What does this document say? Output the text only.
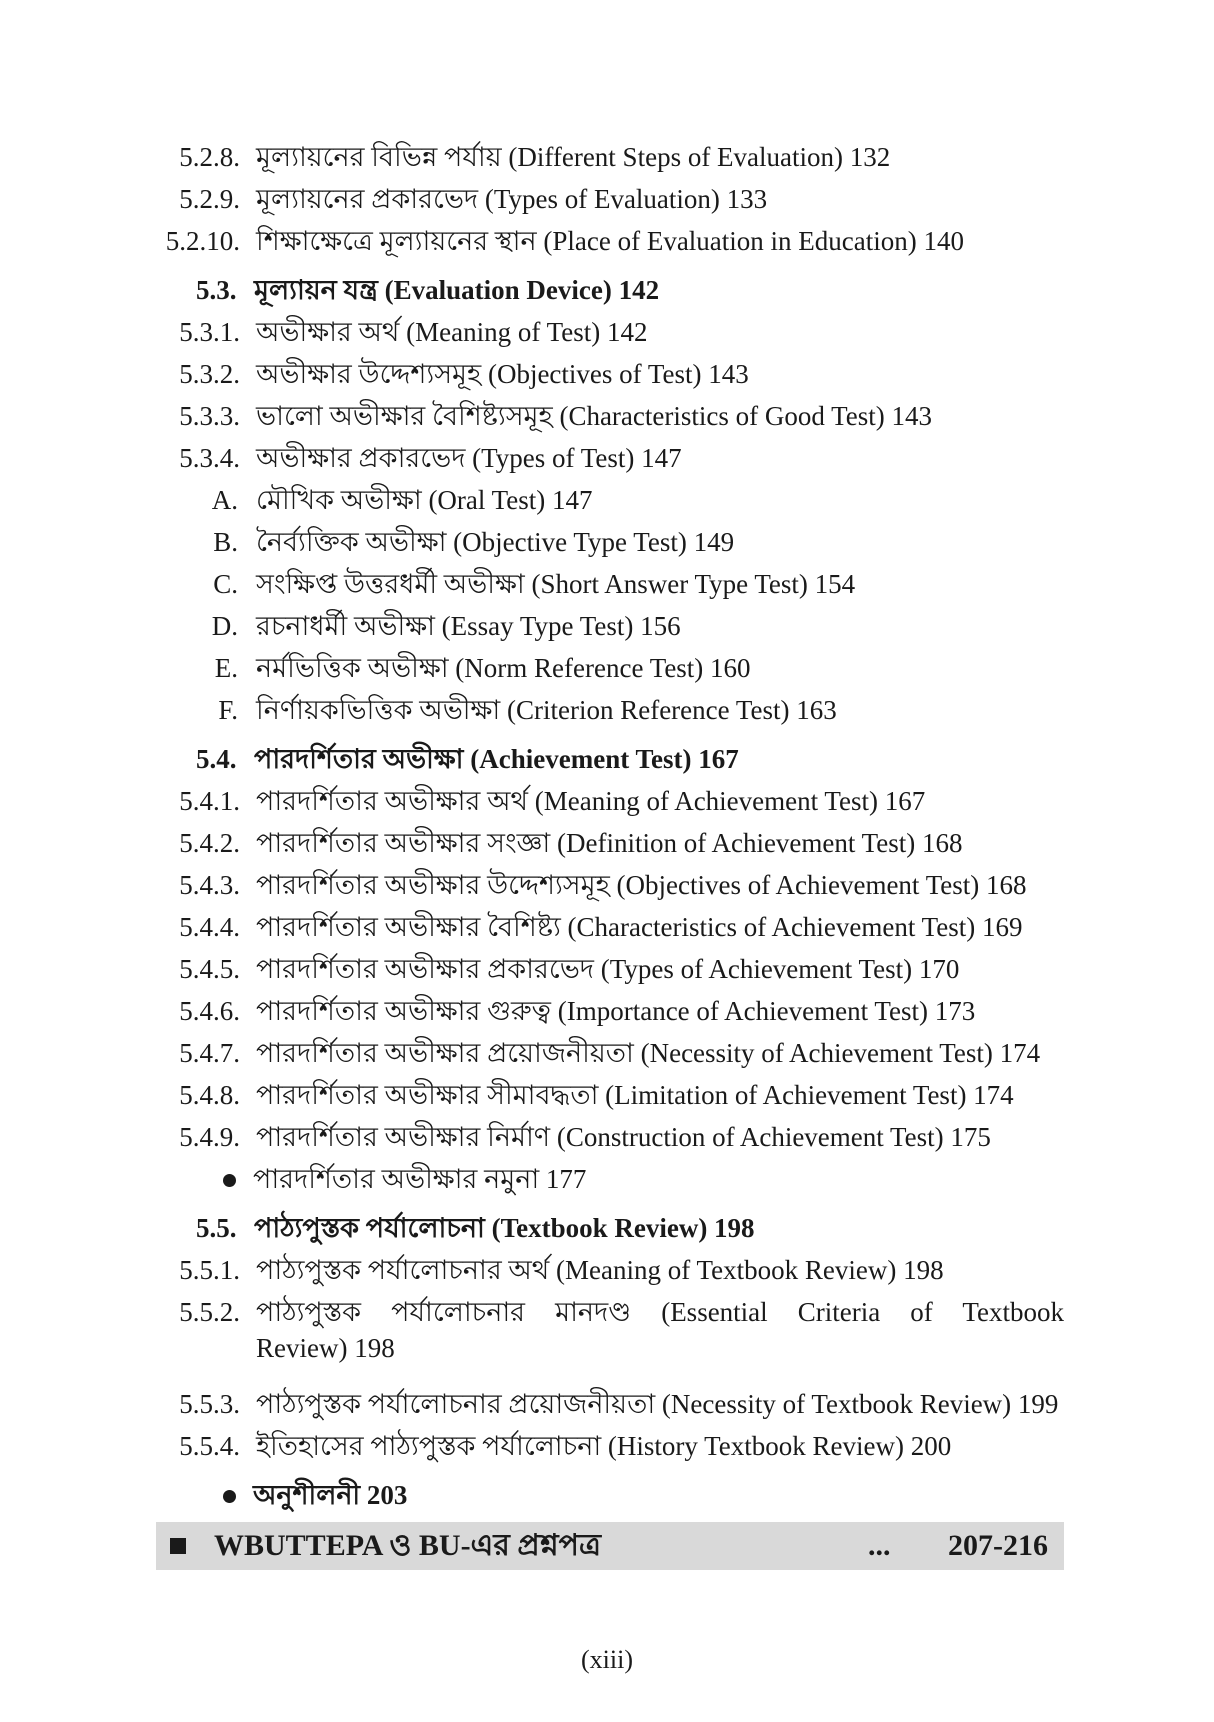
5.2.8. মূল্যায়নের বিভিন্ন পর্যায় (Different Steps of Evaluation) 132
5.2.9. মূল্যায়নের প্রকারভেদ (Types of Evaluation) 133
5.2.10. শিক্ষাক্ষেত্রে মূল্যায়নের স্থান (Place of Evaluation in Education) 140
5.3. মূল্যায়ন যন্ত্র (Evaluation Device) 142
5.3.1. অভীক্ষার অর্থ (Meaning of Test) 142
5.3.2. অভীক্ষার উদ্দেশ্যসমূহ (Objectives of Test) 143
5.3.3. ভালো অভীক্ষার বৈশিষ্ট্যসমূহ (Characteristics of Good Test) 143
5.3.4. অভীক্ষার প্রকারভেদ (Types of Test) 147
A. মৌখিক অভীক্ষা (Oral Test) 147
B. নৈর্ব্যক্তিক অভীক্ষা (Objective Type Test) 149
C. সংক্ষিপ্ত উত্তরধর্মী অভীক্ষা (Short Answer Type Test) 154
D. রচনাধর্মী অভীক্ষা (Essay Type Test) 156
E. নর্মভিত্তিক অভীক্ষা (Norm Reference Test) 160
F. নির্ণায়কভিত্তিক অভীক্ষা (Criterion Reference Test) 163
5.4. পারদর্শিতার অভীক্ষা (Achievement Test) 167
5.4.1. পারদর্শিতার অভীক্ষার অর্থ (Meaning of Achievement Test) 167
5.4.2. পারদর্শিতার অভীক্ষার সংজ্ঞা (Definition of Achievement Test) 168
5.4.3. পারদর্শিতার অভীক্ষার উদ্দেশ্যসমূহ (Objectives of Achievement Test) 168
5.4.4. পারদর্শিতার অভীক্ষার বৈশিষ্ট্য (Characteristics of Achievement Test) 169
5.4.5. পারদর্শিতার অভীক্ষার প্রকারভেদ (Types of Achievement Test) 170
5.4.6. পারদর্শিতার অভীক্ষার গুরুত্ব (Importance of Achievement Test) 173
5.4.7. পারদর্শিতার অভীক্ষার প্রয়োজনীয়তা (Necessity of Achievement Test) 174
5.4.8. পারদর্শিতার অভীক্ষার সীমাবদ্ধতা (Limitation of Achievement Test) 174
5.4.9. পারদর্শিতার অভীক্ষার নির্মাণ (Construction of Achievement Test) 175
পারদর্শিতার অভীক্ষার নমুনা 177
5.5. পাঠ্যপুস্তক পর্যালোচনা (Textbook Review) 198
5.5.1. পাঠ্যপুস্তক পর্যালোচনার অর্থ (Meaning of Textbook Review) 198
5.5.2. পাঠ্যপুস্তক পর্যালোচনার মানদণ্ড (Essential Criteria of Textbook
Review) 198
5.5.3. পাঠ্যপুস্তক পর্যালোচনার প্রয়োজনীয়তা (Necessity of Textbook Review) 199
5.5.4. ইতিহাসের পাঠ্যপুস্তক পর্যালোচনা (History Textbook Review) 200
অনুশীলনী 203
WBUTTEPA ও BU-এর প্রশ্নপত্র	... 207-216
(xiii)
